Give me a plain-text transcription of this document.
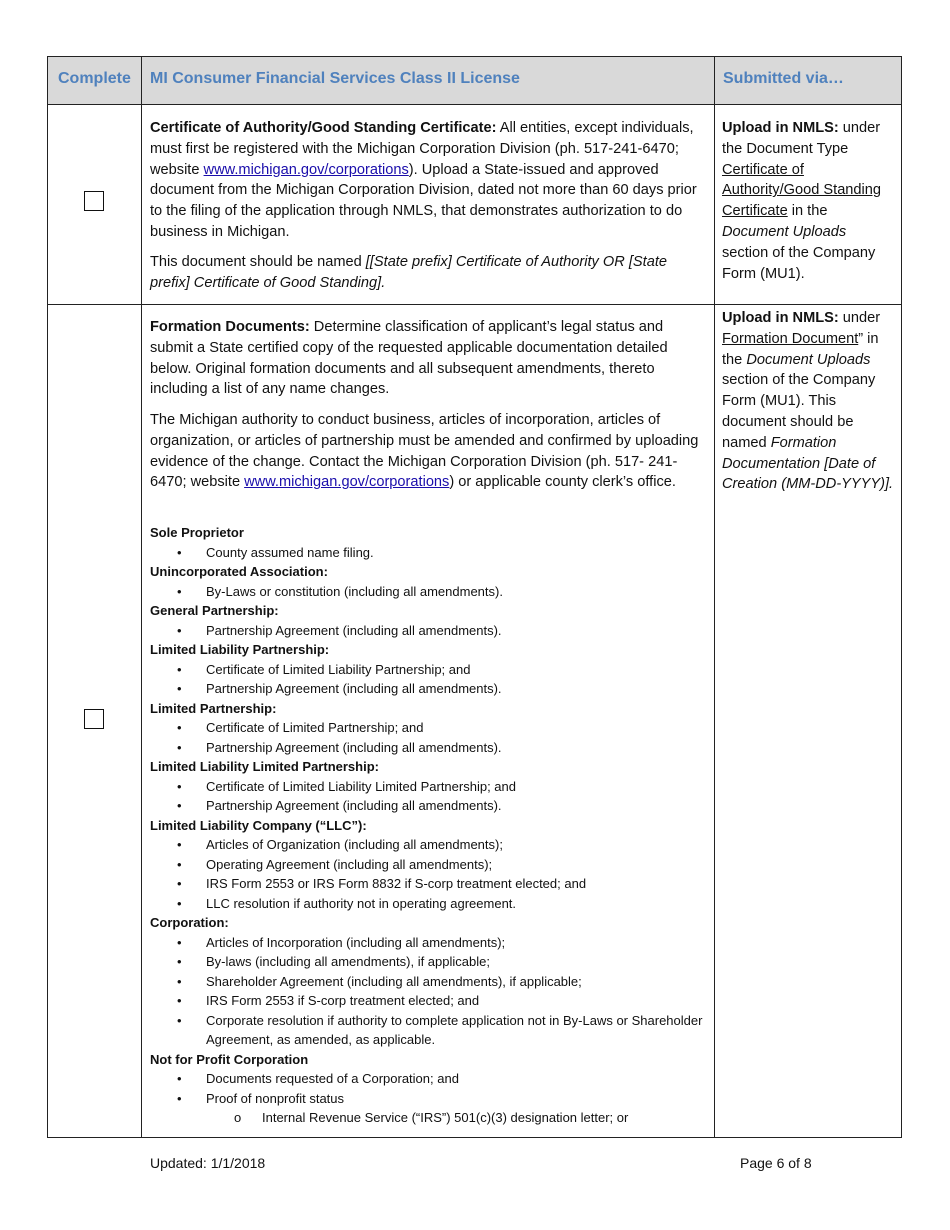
Complete MI Consumer Financial Services Class II License	Submitted via…

Certificate of Authority/Good Standing Certificate: All entities, except individuals, must first be registered with the Michigan Corporation Division (ph. 517-241-6470; website www.michigan.gov/corporations). Upload a State-issued and approved document from the Michigan Corporation Division, dated not more than 60 days prior to the filing of the application through NMLS, that demonstrates authorization to do business in Michigan.

This document should be named [[State prefix] Certificate of Authority OR [State prefix] Certificate of Good Standing].

Upload in NMLS: under the Document Type Certificate of Authority/Good Standing Certificate in the Document Uploads section of the Company Form (MU1).

Formation Documents: Determine classification of applicant’s legal status and submit a State certified copy of the requested applicable documentation detailed below. Original formation documents and all subsequent amendments, thereto including a list of any name changes.

The Michigan authority to conduct business, articles of incorporation, articles of organization, or articles of partnership must be amended and confirmed by uploading evidence of the change. Contact the Michigan Corporation Division (ph. 517- 241-6470; website www.michigan.gov/corporations) or applicable county clerk’s office.

Upload in NMLS: under Formation Document” in the Document Uploads section of the Company Form (MU1). This document should be named Formation Documentation [Date of Creation (MM-DD-YYYY)].
Sole Proprietor
• County assumed name filing.
Unincorporated Association:
• By-Laws or constitution (including all amendments).
General Partnership:
• Partnership Agreement (including all amendments).
Limited Liability Partnership:
• Certificate of Limited Liability Partnership; and
• Partnership Agreement (including all amendments).
Limited Partnership:
• Certificate of Limited Partnership; and
• Partnership Agreement (including all amendments).
Limited Liability Limited Partnership:
• Certificate of Limited Liability Limited Partnership; and
• Partnership Agreement (including all amendments).
Limited Liability Company (“LLC”):
• Articles of Organization (including all amendments);
• Operating Agreement (including all amendments);
• IRS Form 2553 or IRS Form 8832 if S-corp treatment elected; and
• LLC resolution if authority not in operating agreement.
Corporation:
• Articles of Incorporation (including all amendments);
• By-laws (including all amendments), if applicable;
• Shareholder Agreement (including all amendments), if applicable;
• IRS Form 2553 if S-corp treatment elected; and
• Corporate resolution if authority to complete application not in By-Laws or Shareholder Agreement, as amended, as applicable.
Not for Profit Corporation
• Documents requested of a Corporation; and
• Proof of nonprofit status
o Internal Revenue Service (“IRS”) 501(c)(3) designation letter; or
Updated: 1/1/2018	Page 6 of 8
